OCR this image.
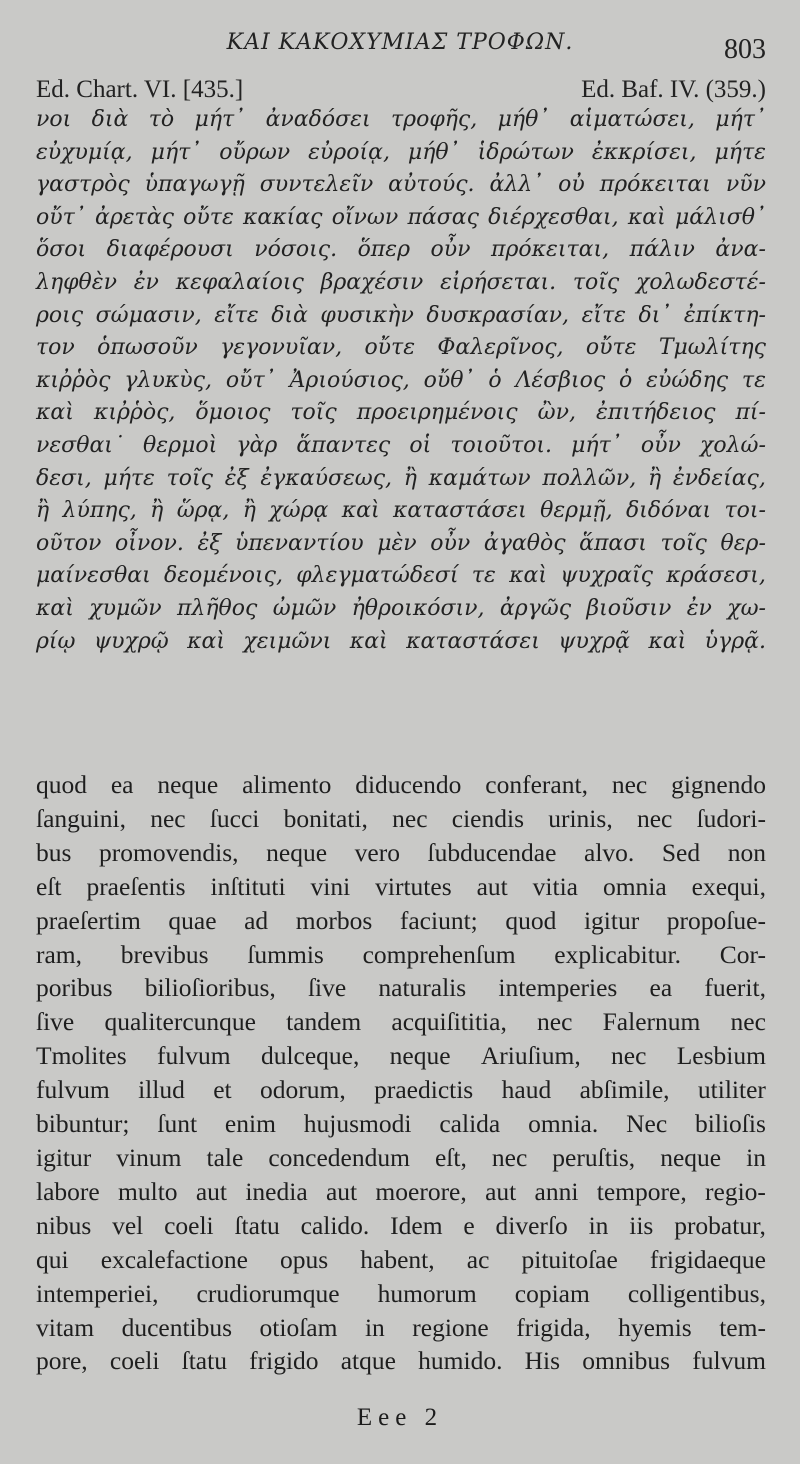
ΚΑΙ ΚΑΚΟΧΥΜΙΑΣ ΤΡΟΦΩΝ.	803
Ed. Chart. VI. [435.]	Ed. Baf. IV. (359.)
νοι διὰ τὸ μήτ᾽ ἀναδόσει τροφῆς, μήθ᾽ αἱματώσει, μήτ᾽
εὐχυμίᾳ, μήτ᾽ οὔρων εὐροίᾳ, μήθ᾽ ἱδρώτων ἐκκρίσει, μήτε
γαστρὸς ὑπαγωγῇ συντελεῖν αὐτούς. ἀλλ᾽ οὐ πρόκειται νῦν
οὔτ᾽ ἀρετὰς οὔτε κακίας οἴνων πάσας διέρχεσθαι, καὶ μάλισθ᾽
ὅσοι διαφέρουσι νόσοις. ὅπερ οὖν πρόκειται, πάλιν ἀνα-
ληφθὲν ἐν κεφαλαίοις βραχέσιν εἰρήσεται. τοῖς χολωδεστέ-
ροις σώμασιν, εἴτε διὰ φυσικὴν δυσκρασίαν, εἴτε δι᾽ ἐπίκτη-
τον ὁπωσοῦν γεγονυῖαν, οὔτε Φαλερῖνος, οὔτε Τμωλίτης
κιῤῥὸς γλυκὺς, οὔτ᾽ Ἀριούσιος, οὔθ᾽ ὁ Λέσβιος ὁ εὐώδης τε
καὶ κιῤῥὸς, ὅμοιος τοῖς προειρημένοις ὢν, ἐπιτήδειος πί-
νεσθαι˙ θερμοὶ γὰρ ἅπαντες οἱ τοιοῦτοι. μήτ᾽ οὖν χολώ-
δεσι, μήτε τοῖς ἐξ ἐγκαύσεως, ἢ καμάτων πολλῶν, ἢ ἐνδείας,
ἢ λύπης, ἢ ὥρᾳ, ἢ χώρᾳ καὶ καταστάσει θερμῇ, διδόναι τοι-
οῦτον οἶνον. ἐξ ὑπεναντίου μὲν οὖν ἀγαθὸς ἅπασι τοῖς θερ-
μαίνεσθαι δεομένοις, φλεγματώδεσί τε καὶ ψυχραῖς κράσεσι,
καὶ χυμῶν πλῆθος ὠμῶν ἠθροικόσιν, ἀργῶς βιοῦσιν ἐν χω-
ρίῳ ψυχρῷ καὶ χειμῶνι καὶ καταστάσει ψυχρᾷ καὶ ὑγρᾷ.
quod ea neque alimento diducendo conferant, nec gignendo
ſanguini, nec ſucci bonitati, nec ciendis urinis, nec ſudori-
bus promovendis, neque vero ſubducendae alvo. Sed non
eſt praeſentis inſtituti vini virtutes aut vitia omnia exequi,
praeſertim quae ad morbos faciunt; quod igitur propoſue-
ram, brevibus ſummis comprehenſum explicabitur. Cor-
poribus bilioſioribus, ſive naturalis intemperies ea fuerit,
ſive qualitercunque tandem acquiſititia, nec Falernum nec
Tmolites fulvum dulceque, neque Ariuſium, nec Lesbium
fulvum illud et odorum, praedictis haud abſimile, utiliter
bibuntur; ſunt enim hujusmodi calida omnia. Nec bilioſis
igitur vinum tale concedendum eſt, nec peruſtis, neque in
labore multo aut inedia aut moerore, aut anni tempore, regio-
nibus vel coeli ſtatu calido. Idem e diverſo in iis probatur,
qui excalefactione opus habent, ac pituitoſae frigidaeque
intemperiei, crudiorumque humorum copiam colligentibus,
vitam ducentibus otioſam in regione frigida, hyemis tem-
pore, coeli ſtatu frigido atque humido. His omnibus fulvum
Eee 2
